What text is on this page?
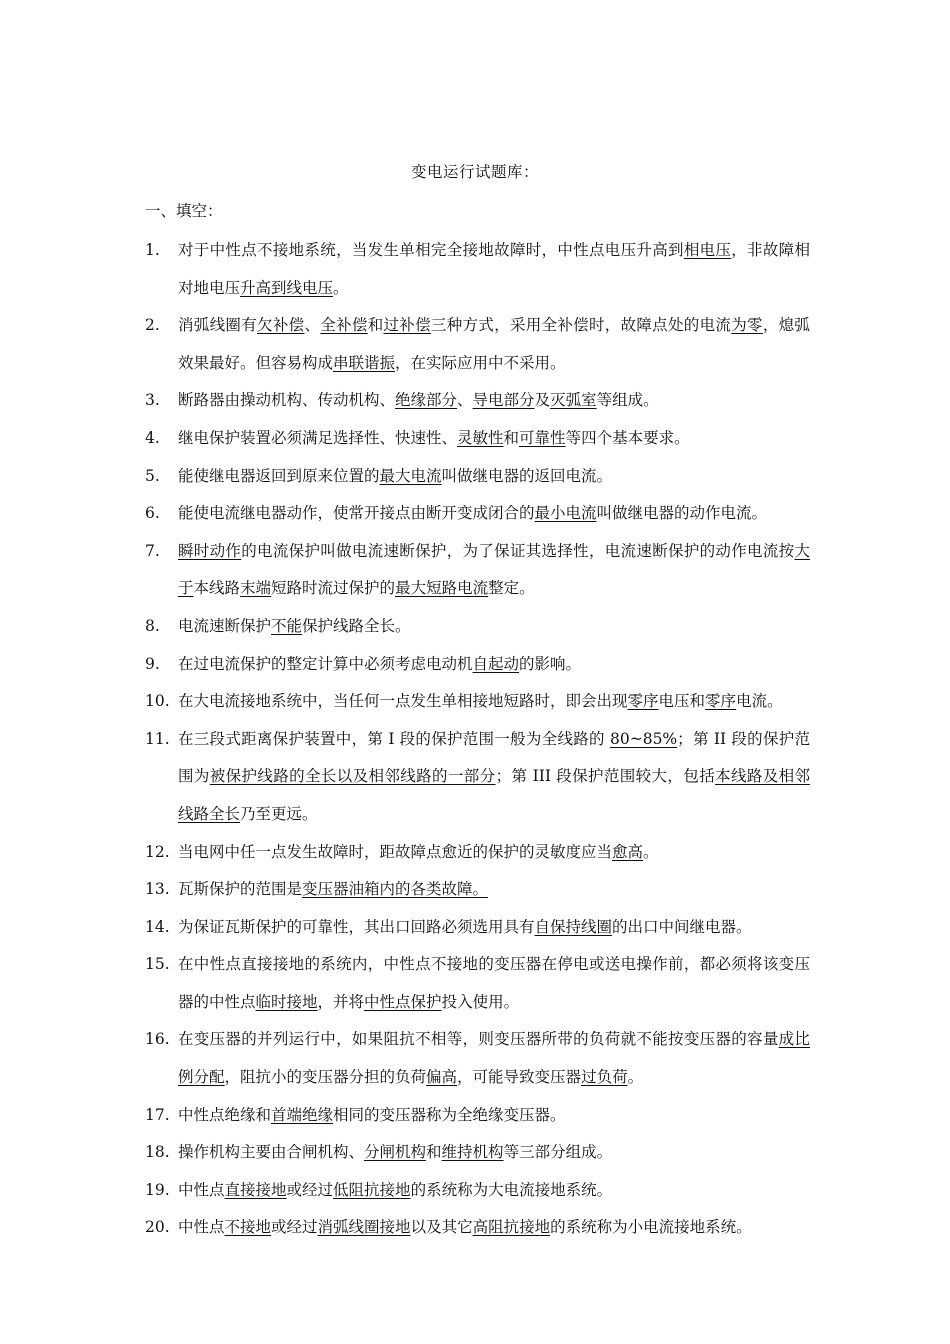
变电运行试题库：
一、填空：
1. 对于中性点不接地系统，当发生单相完全接地故障时，中性点电压升高到相电压，非故障相对地电压升高到线电压。
2. 消弧线圈有欠补偿、全补偿和过补偿三种方式，采用全补偿时，故障点处的电流为零，熄弧效果最好。但容易构成串联谐振，在实际应用中不采用。
3. 断路器由操动机构、传动机构、绝缘部分、导电部分及灭弧室等组成。
4. 继电保护装置必须满足选择性、快速性、灵敏性和可靠性等四个基本要求。
5. 能使继电器返回到原来位置的最大电流叫做继电器的返回电流。
6. 能使电流继电器动作，使常开接点由断开变成闭合的最小电流叫做继电器的动作电流。
7. 瞬时动作的电流保护叫做电流速断保护，为了保证其选择性，电流速断保护的动作电流按大于本线路末端短路时流过保护的最大短路电流整定。
8. 电流速断保护不能保护线路全长。
9. 在过电流保护的整定计算中必须考虑电动机自起动的影响。
10. 在大电流接地系统中，当任何一点发生单相接地短路时，即会出现零序电压和零序电流。
11. 在三段式距离保护装置中，第 I 段的保护范围一般为全线路的 80~85%；第 II 段的保护范围为被保护线路的全长以及相邻线路的一部分；第 III 段保护范围较大，包括本线路及相邻线路全长乃至更远。
12. 当电网中任一点发生故障时，距故障点愈近的保护的灵敏度应当愈高。
13. 瓦斯保护的范围是变压器油箱内的各类故障。
14. 为保证瓦斯保护的可靠性，其出口回路必须选用具有自保持线圈的出口中间继电器。
15. 在中性点直接接地的系统内，中性点不接地的变压器在停电或送电操作前，都必须将该变压器的中性点临时接地，并将中性点保护投入使用。
16. 在变压器的并列运行中，如果阻抗不相等，则变压器所带的负荷就不能按变压器的容量成比例分配，阻抗小的变压器分担的负荷偏高，可能导致变压器过负荷。
17. 中性点绝缘和首端绝缘相同的变压器称为全绝缘变压器。
18. 操作机构主要由合闸机构、分闸机构和维持机构等三部分组成。
19. 中性点直接接地或经过低阻抗接地的系统称为大电流接地系统。
20. 中性点不接地或经过消弧线圈接地以及其它高阻抗接地的系统称为小电流接地系统。
